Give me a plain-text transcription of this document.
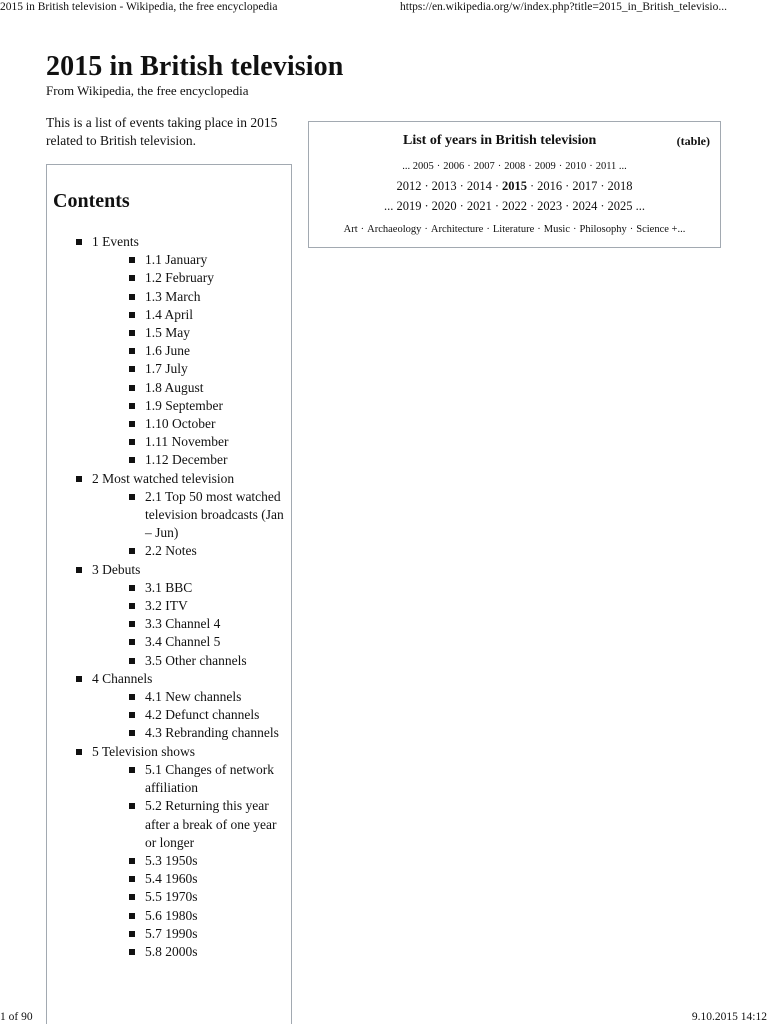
2015 in British television - Wikipedia, the free encyclopedia	https://en.wikipedia.org/w/index.php?title=2015_in_British_televisio...
2015 in British television
From Wikipedia, the free encyclopedia

This is a list of events taking place in 2015 related to British television.

Contents
1 Events
1.1 January
1.2 February
1.3 March
1.4 April
1.5 May
1.6 June
1.7 July
1.8 August
1.9 September
1.10 October
1.11 November
1.12 December
2 Most watched television
2.1 Top 50 most watched television broadcasts (Jan – Jun)
2.2 Notes
3 Debuts
3.1 BBC
3.2 ITV
3.3 Channel 4
3.4 Channel 5
3.5 Other channels
4 Channels
4.1 New channels
4.2 Defunct channels
4.3 Rebranding channels
5 Television shows
5.1 Changes of network affiliation
5.2 Returning this year after a break of one year or longer
5.3 1950s
5.4 1960s
5.5 1970s
5.6 1980s
5.7 1990s
5.8 2000s
List of years in British television	(table)
... 2005 · 2006 · 2007 · 2008 · 2009 · 2010 · 2011 ...
2012 · 2013 · 2014 · 2015 · 2016 · 2017 · 2018
... 2019 · 2020 · 2021 · 2022 · 2023 · 2024 · 2025 ...
Art · Archaeology · Architecture · Literature · Music · Philosophy · Science +...
1 of 90	9.10.2015 14:12
